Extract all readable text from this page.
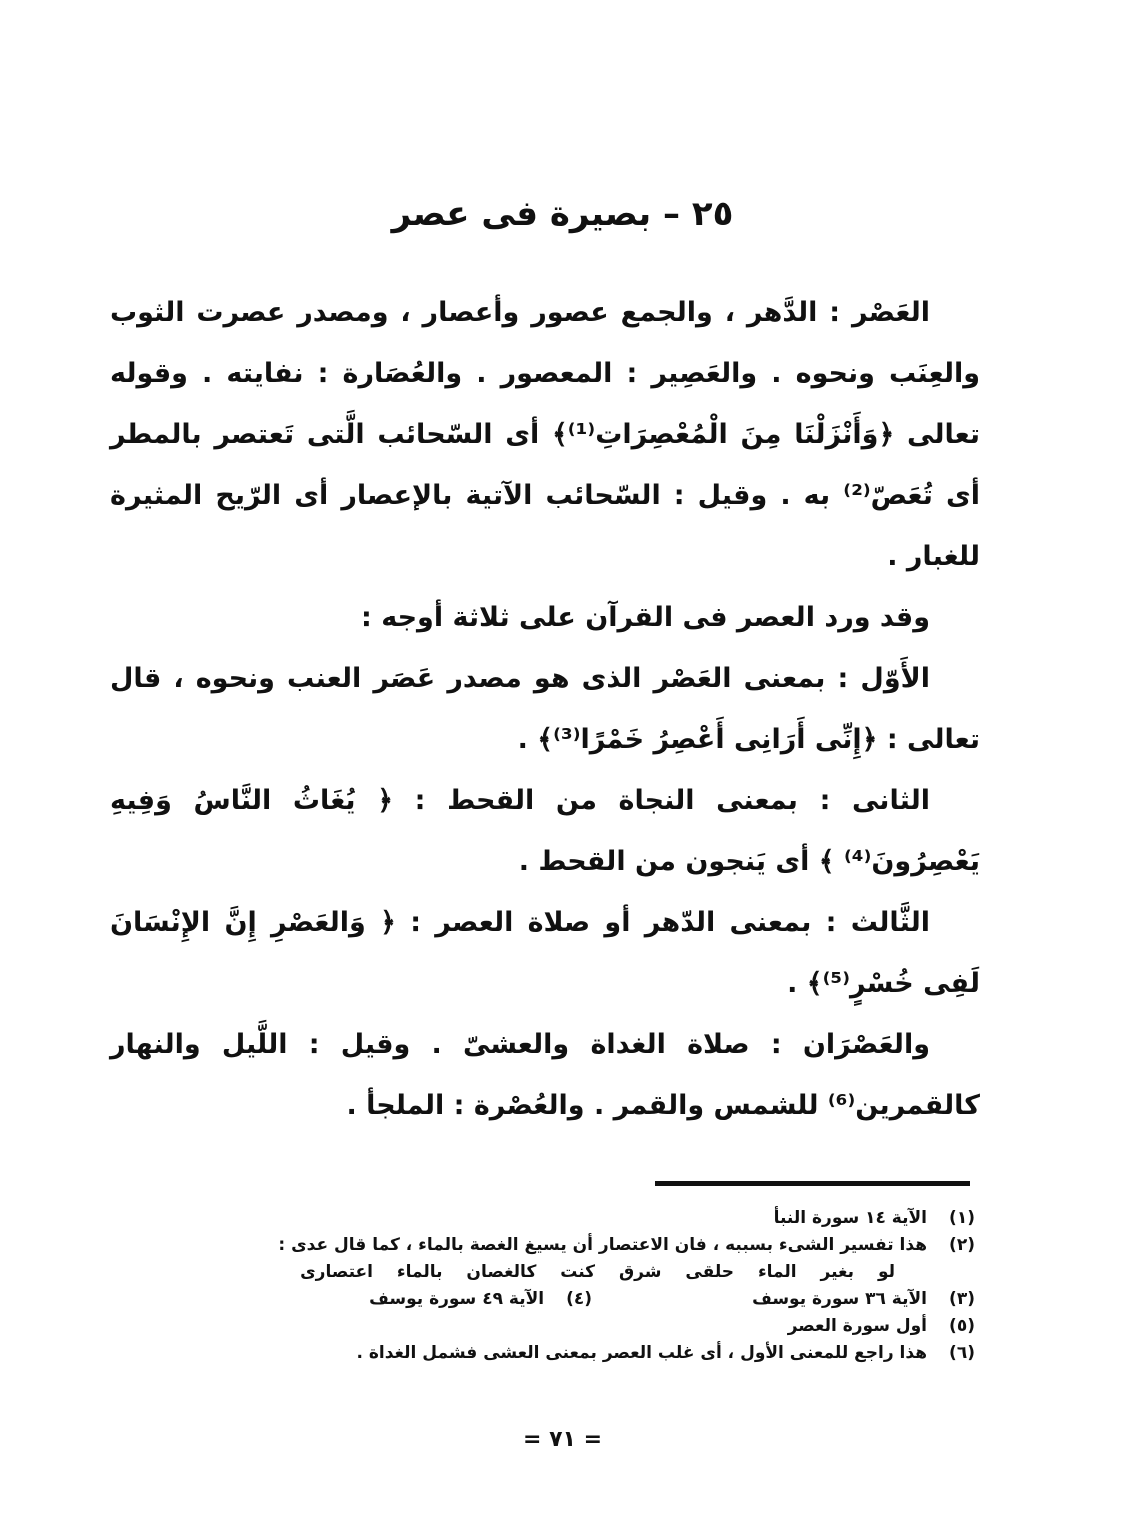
٢٥ – بصيرة فى عصر

العَصْر : الدَّهر ، والجمع عصور وأعصار ، ومصدر عصرت الثوب والعِنَب ونحوه . والعَصِير : المعصور . والعُصَارة : نفايته . وقوله تعالى ﴿وَأَنْزَلْنَا مِنَ الْمُعْصِرَاتِ⁽¹⁾﴾ أى السّحائب الَّتى تَعتصر بالمطر أى تُعَصّ⁽²⁾ به . وقيل : السّحائب الآتية بالإعصار أى الرّيح المثيرة للغبار .

وقد ورد العصر فى القرآن على ثلاثة أوجه :

الأَوّل : بمعنى العَصْر الذى هو مصدر عَصَر العنب ونحوه ، قال تعالى : ﴿إِنِّى أَرَانِى أَعْصِرُ خَمْرًا⁽³⁾﴾ .

الثانى : بمعنى النجاة من القحط : ﴿ يُغَاثُ النَّاسُ وَفِيهِ يَعْصِرُونَ⁽⁴⁾ ﴾ أى يَنجون من القحط .

الثَّالث : بمعنى الدّهر أو صلاة العصر : ﴿ وَالعَصْرِ إِنَّ الإِنْسَانَ لَفِى خُسْرٍ⁽⁵⁾﴾ .

والعَصْرَان : صلاة الغداة والعشىّ . وقيل : اللَّيل والنهار كالقمرين⁽⁶⁾ للشمس والقمر . والعُصْرة : الملجأ .

(١)
الآية ١٤ سورة النبأ
(٢)
هذا تفسير الشىء بسببه ، فان الاعتصار أن يسيغ الغصة بالماء ، كما قال عدى :
لو بغير الماء حلقى شرق كنت كالغصان بالماء اعتصارى
(٣)
الآية ٣٦ سورة يوسف
(٤)
الآية ٤٩ سورة يوسف
(٥)
أول سورة العصر
(٦)
هذا راجع للمعنى الأول ، أى غلب العصر بمعنى العشى فشمل الغداة .
= ٧١ =
